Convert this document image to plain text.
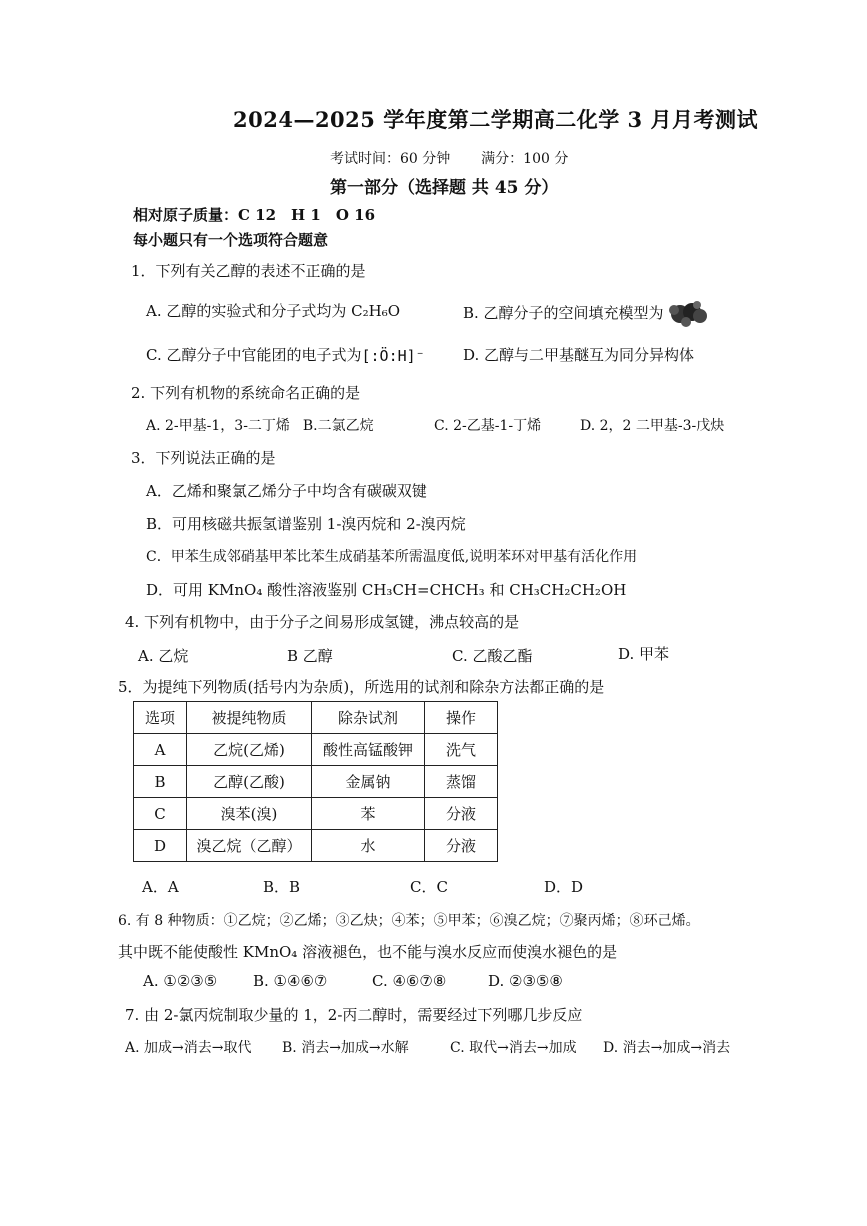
2024—2025 学年度第二学期高二化学 3 月月考测试
考试时间：60 分钟 满分：100 分
第一部分（选择题 共 45 分）
相对原子质量：C 12　H 1　O 16
每小题只有一个选项符合题意
1．下列有关乙醇的表述不正确的是
A. 乙醇的实验式和分子式均为 C₂H₆O	B. 乙醇分子的空间填充模型为
C. 乙醇分子中官能团的电子式为[:Ö:H]⁻	D. 乙醇与二甲基醚互为同分异构体
2. 下列有机物的系统命名正确的是
A. 2-甲基-1，3-二丁烯 B.二氯乙烷	C. 2-乙基-1-丁烯	D. 2，2 二甲基-3-戊炔
3．下列说法正确的是
A．乙烯和聚氯乙烯分子中均含有碳碳双键
B．可用核磁共振氢谱鉴别 1-溴丙烷和 2-溴丙烷
C．甲苯生成邻硝基甲苯比苯生成硝基苯所需温度低,说明苯环对甲基有活化作用
D．可用 KMnO₄ 酸性溶液鉴别 CH₃CH=CHCH₃ 和 CH₃CH₂CH₂OH
4. 下列有机物中，由于分子之间易形成氢键，沸点较高的是
A. 乙烷	B 乙醇	C. 乙酸乙酯	D. 甲苯
5．为提纯下列物质(括号内为杂质)，所选用的试剂和除杂方法都正确的是
选项	被提纯物质	除杂试剂	操作
A	乙烷(乙烯)	酸性高锰酸钾	洗气
B	乙醇(乙酸)	金属钠	蒸馏
C	溴苯(溴)	苯	分液
D	溴乙烷（乙醇）	水	分液
A．A	B．B	C．C	D．D
6. 有 8 种物质：①乙烷；②乙烯；③乙炔；④苯；⑤甲苯；⑥溴乙烷；⑦聚丙烯；⑧环己烯。
其中既不能使酸性 KMnO₄ 溶液褪色，也不能与溴水反应而使溴水褪色的是
A. ①②③⑤ B. ①④⑥⑦	C. ④⑥⑦⑧	D. ②③⑤⑧
7. 由 2-氯丙烷制取少量的 1，2-丙二醇时，需要经过下列哪几步反应
A. 加成→消去→取代 B. 消去→加成→水解	C. 取代→消去→加成 D. 消去→加成→消去
